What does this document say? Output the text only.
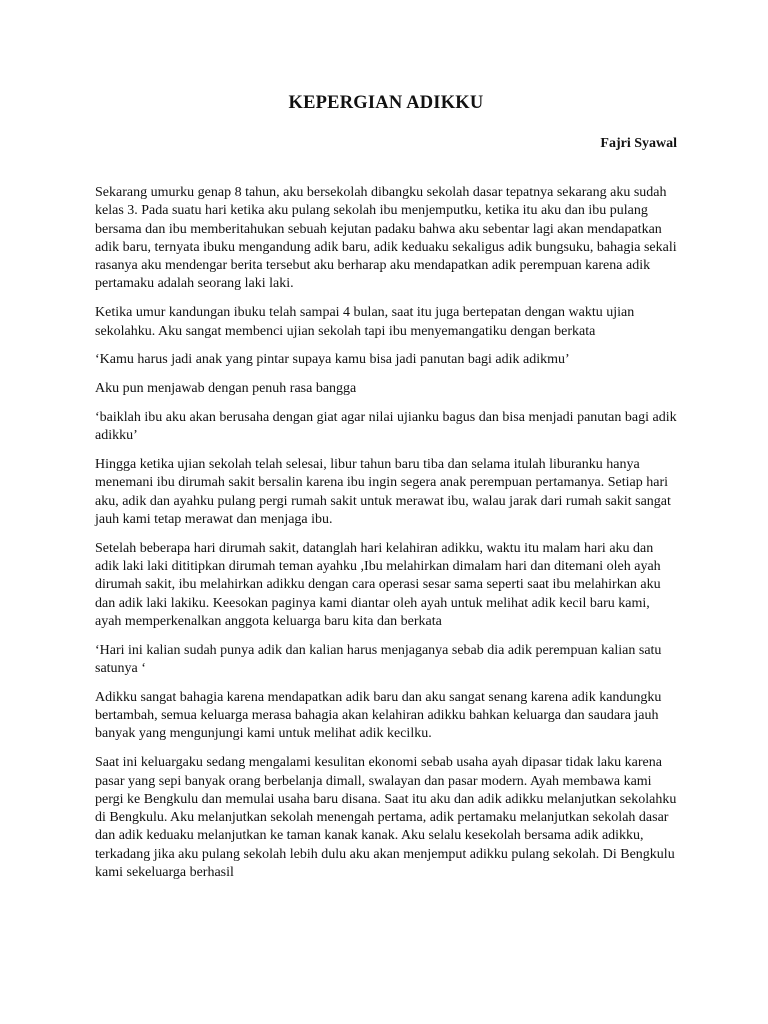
KEPERGIAN ADIKKU
Fajri Syawal

Sekarang umurku genap 8 tahun, aku bersekolah dibangku sekolah dasar tepatnya sekarang aku sudah kelas 3. Pada suatu hari ketika aku pulang sekolah ibu menjemputku, ketika itu aku dan ibu pulang bersama dan ibu memberitahukan sebuah kejutan padaku bahwa aku sebentar lagi akan mendapatkan adik baru, ternyata ibuku mengandung adik baru, adik keduaku sekaligus adik bungsuku, bahagia sekali rasanya aku mendengar berita tersebut aku berharap aku mendapatkan adik perempuan karena adik pertamaku adalah seorang laki laki.

Ketika umur kandungan ibuku telah sampai 4 bulan, saat itu juga bertepatan dengan waktu ujian sekolahku. Aku sangat membenci ujian sekolah tapi ibu menyemangatiku dengan berkata

‘Kamu harus jadi anak yang pintar supaya kamu bisa jadi panutan bagi adik adikmu’

Aku pun menjawab dengan penuh rasa bangga

‘baiklah ibu aku akan berusaha dengan giat agar nilai ujianku bagus dan bisa menjadi panutan bagi adik adikku’

Hingga ketika ujian sekolah telah selesai, libur tahun baru tiba dan selama itulah liburanku hanya menemani ibu dirumah sakit bersalin karena ibu ingin segera anak perempuan pertamanya. Setiap hari aku, adik dan ayahku pulang pergi rumah sakit untuk merawat ibu, walau jarak dari rumah sakit sangat jauh kami tetap merawat dan menjaga ibu.

Setelah beberapa hari dirumah sakit, datanglah hari kelahiran adikku, waktu itu malam hari aku dan adik laki laki dititipkan dirumah teman ayahku ,Ibu melahirkan dimalam hari dan ditemani oleh ayah dirumah sakit, ibu melahirkan adikku dengan cara operasi sesar sama seperti saat ibu melahirkan aku dan adik laki lakiku. Keesokan paginya kami diantar oleh ayah untuk melihat adik kecil baru kami, ayah memperkenalkan anggota keluarga baru kita dan berkata

‘Hari ini kalian sudah punya adik dan kalian harus menjaganya sebab dia adik perempuan kalian satu satunya ‘

Adikku sangat bahagia karena mendapatkan adik baru dan aku sangat senang karena adik kandungku bertambah, semua keluarga merasa bahagia akan kelahiran adikku bahkan keluarga dan saudara jauh banyak yang mengunjungi kami untuk melihat adik kecilku.

Saat ini keluargaku sedang mengalami kesulitan ekonomi sebab usaha ayah dipasar tidak laku karena pasar yang sepi banyak orang berbelanja dimall, swalayan dan pasar modern. Ayah membawa kami pergi ke Bengkulu dan memulai usaha baru disana. Saat itu aku dan adik adikku melanjutkan sekolahku di Bengkulu. Aku melanjutkan sekolah menengah pertama, adik pertamaku melanjutkan sekolah dasar dan adik keduaku melanjutkan ke taman kanak kanak. Aku selalu kesekolah bersama adik adikku, terkadang jika aku pulang sekolah lebih dulu aku akan menjemput adikku pulang sekolah. Di Bengkulu kami sekeluarga berhasil
